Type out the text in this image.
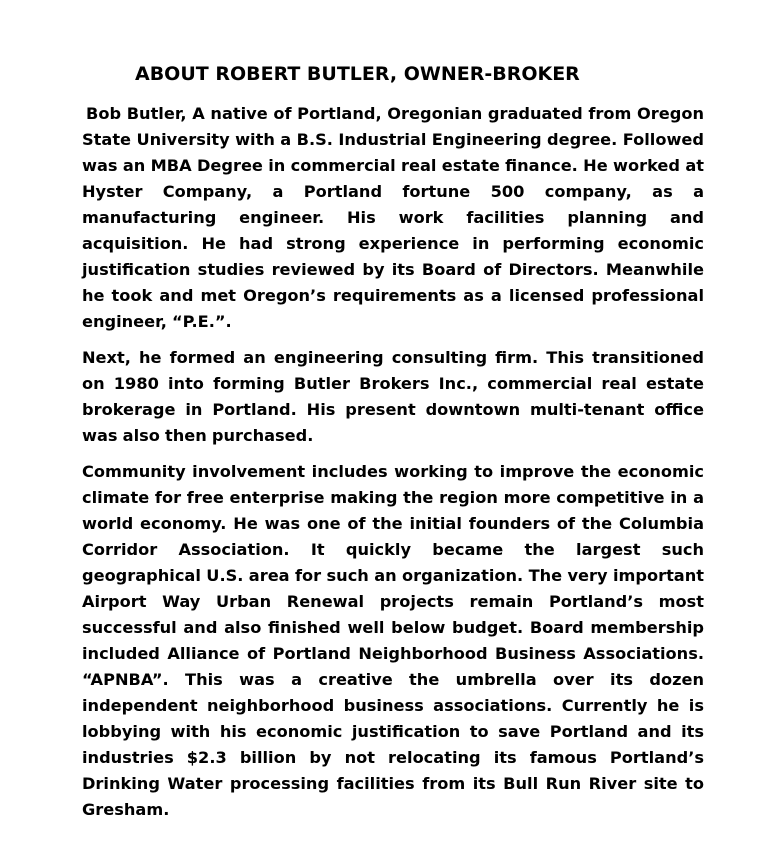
ABOUT ROBERT BUTLER, OWNER-BROKER

Bob Butler, A native of Portland, Oregonian graduated from Oregon State University with a B.S. Industrial Engineering degree. Followed was an MBA Degree in commercial real estate finance. He worked at Hyster Company, a Portland fortune 500 company, as a manufacturing engineer. His work facilities planning and acquisition. He had strong experience in performing economic justification studies reviewed by its Board of Directors. Meanwhile he took and met Oregon’s requirements as a licensed professional engineer, “P.E.”.

Next, he formed an engineering consulting firm. This transitioned on 1980 into forming Butler Brokers Inc., commercial real estate brokerage in Portland. His present downtown multi-tenant office was also then purchased.

Community involvement includes working to improve the economic climate for free enterprise making the region more competitive in a world economy. He was one of the initial founders of the Columbia Corridor Association. It quickly became the largest such geographical U.S. area for such an organization. The very important Airport Way Urban Renewal projects remain Portland’s most successful and also finished well below budget. Board membership included Alliance of Portland Neighborhood Business Associations. “APNBA”. This was a creative the umbrella over its dozen independent neighborhood business associations. Currently he is lobbying with his economic justification to save Portland and its industries $2.3 billion by not relocating its famous Portland’s Drinking Water processing facilities from its Bull Run River site to Gresham.
